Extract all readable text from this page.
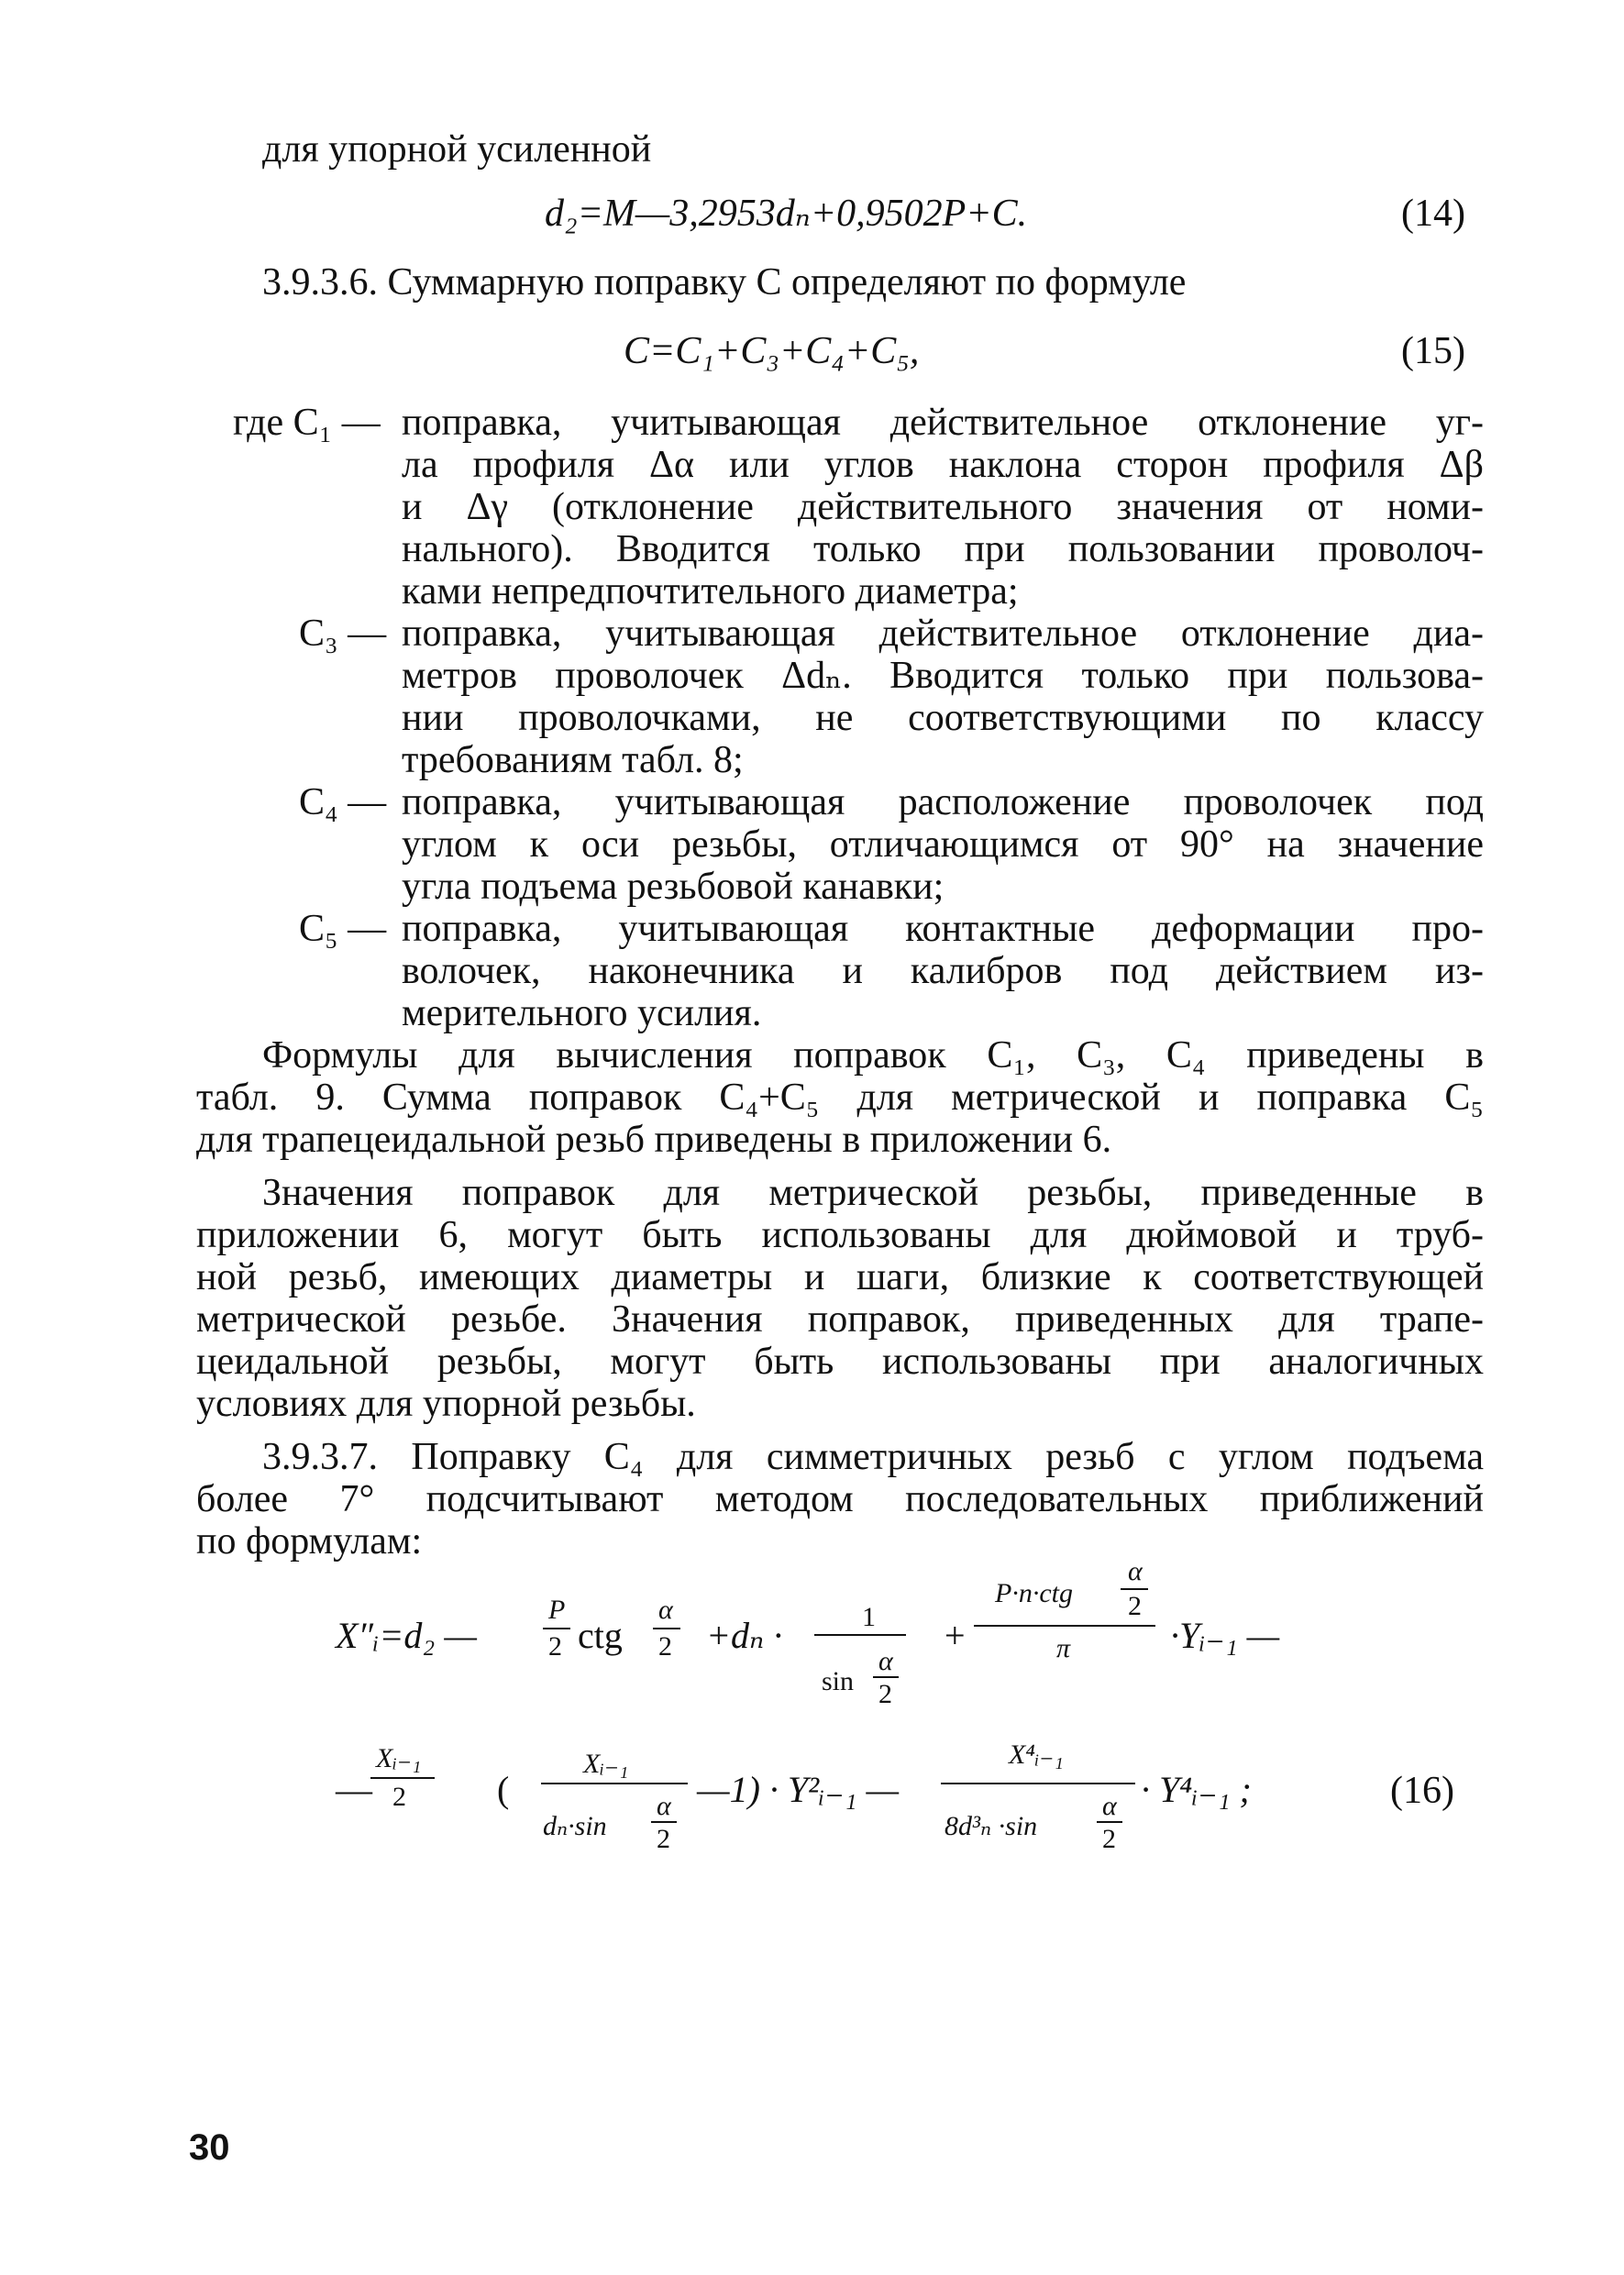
для упорной усиленной
d₂=M—3,2953dₙ+0,9502P+C.	(14)
3.9.3.6. Суммарную поправку C определяют по формуле
C=C₁+C₃+C₄+C₅,	(15)
где C₁ — поправка, учитывающая действительное отклонение уг-
ла профиля Δα или углов наклона сторон профиля Δβ
и Δγ (отклонение действительного значения от номи-
нального). Вводится только при пользовании проволоч-
ками непредпочтительного диаметра;
C₃ — поправка, учитывающая действительное отклонение диа-
метров проволочек Δdₙ. Вводится только при пользова-
нии проволочками, не соответствующими по классу
требованиям табл. 8;
C₄ — поправка, учитывающая расположение проволочек под
углом к оси резьбы, отличающимся от 90° на значение
угла подъема резьбовой канавки;
C₅ — поправка, учитывающая контактные деформации про-
волочек, наконечника и калибров под действием из-
мерительного усилия.
Формулы для вычисления поправок C₁, C₃, C₄ приведены в
табл. 9. Сумма поправок C₄+C₅ для метрической и поправка C₅
для трапецеидальной резьб приведены в приложении 6.
Значения поправок для метрической резьбы, приведенные в
приложении 6, могут быть использованы для дюймовой и труб-
ной резьб, имеющих диаметры и шаги, близкие к соответствующей
метрической резьбе. Значения поправок, приведенных для трапе-
цеидальной резьбы, могут быть использованы при аналогичных
условиях для упорной резьбы.
3.9.3.7. Поправку C₄ для симметричных резьб с углом подъема
более 7° подсчитывают методом последовательных приближений
по формулам:
X″ᵢ=d₂ —
P
2 ctg
α
2 +dₙ ·	1
sin
α
2
+
P·n·ctg
α
2
π	·Yᵢ₋₁ —
—
Xᵢ₋₁
2 (
Xᵢ₋₁
dₙ·sin
α
2
—1) · Y²ᵢ₋₁ —
X⁴ᵢ₋₁
8d³ₙ ·sin
α
2
· Y⁴ᵢ₋₁ ;	(16)
30
